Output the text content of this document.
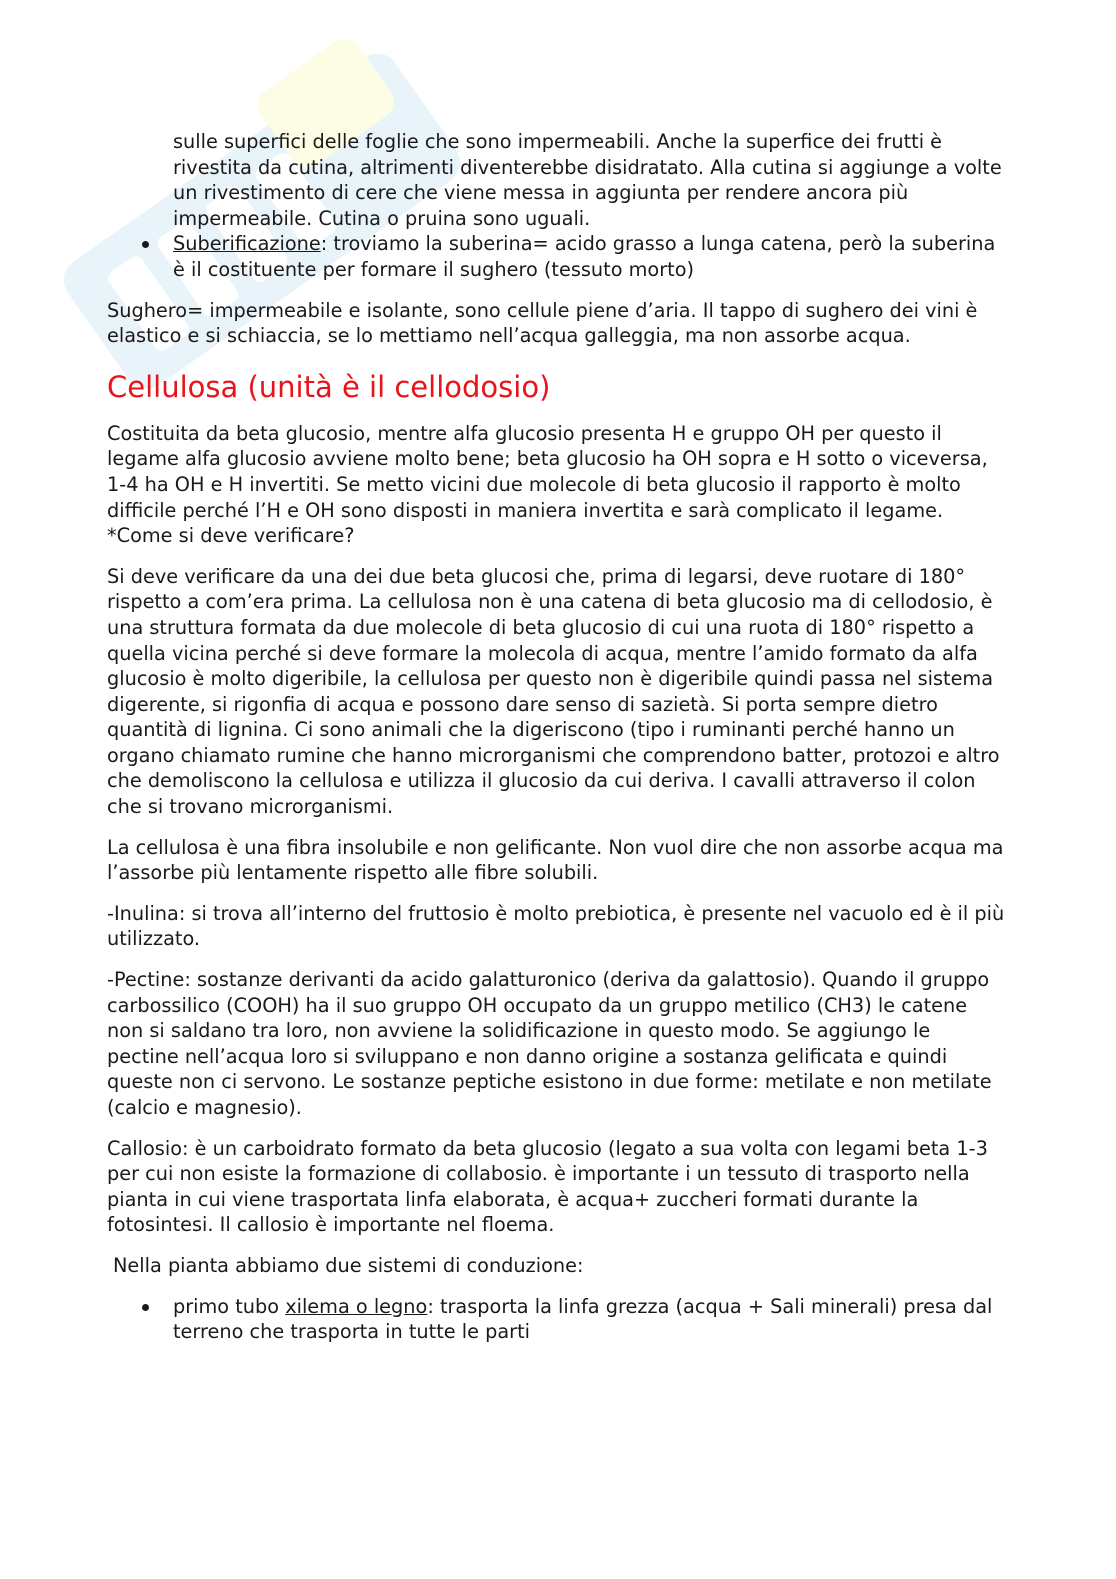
sulle superfici delle foglie che sono impermeabili. Anche la superfice dei frutti è rivestita da cutina, altrimenti diventerebbe disidratato. Alla cutina si aggiunge a volte un rivestimento di cere che viene messa in aggiunta per rendere ancora più impermeabile. Cutina o pruina sono uguali.
Suberificazione: troviamo la suberina= acido grasso a lunga catena, però la suberina è il costituente per formare il sughero (tessuto morto)

Sughero= impermeabile e isolante, sono cellule piene d’aria. Il tappo di sughero dei vini è elastico e si schiaccia, se lo mettiamo nell’acqua galleggia, ma non assorbe acqua.

Cellulosa (unità è il cellodosio)

Costituita da beta glucosio, mentre alfa glucosio presenta H e gruppo OH per questo il legame alfa glucosio avviene molto bene; beta glucosio ha OH sopra e H sotto o viceversa, 1-4 ha OH e H invertiti. Se metto vicini due molecole di beta glucosio il rapporto è molto difficile perché l’H e OH sono disposti in maniera invertita e sarà complicato il legame. *Come si deve verificare?

Si deve verificare da una dei due beta glucosi che, prima di legarsi, deve ruotare di 180° rispetto a com’era prima. La cellulosa non è una catena di beta glucosio ma di cellodosio, è una struttura formata da due molecole di beta glucosio di cui una ruota di 180° rispetto a quella vicina perché si deve formare la molecola di acqua, mentre l’amido formato da alfa glucosio è molto digeribile, la cellulosa per questo non è digeribile quindi passa nel sistema digerente, si rigonfia di acqua e possono dare senso di sazietà. Si porta sempre dietro quantità di lignina. Ci sono animali che la digeriscono (tipo i ruminanti perché hanno un organo chiamato rumine che hanno microrganismi che comprendono batter, protozoi e altro che demoliscono la cellulosa e utilizza il glucosio da cui deriva. I cavalli attraverso il colon che si trovano microrganismi.

La cellulosa è una fibra insolubile e non gelificante. Non vuol dire che non assorbe acqua ma l’assorbe più lentamente rispetto alle fibre solubili.

-Inulina: si trova all’interno del fruttosio è molto prebiotica, è presente nel vacuolo ed è il più utilizzato.

-Pectine: sostanze derivanti da acido galatturonico (deriva da galattosio). Quando il gruppo carbossilico (COOH) ha il suo gruppo OH occupato da un gruppo metilico (CH3) le catene non si saldano tra loro, non avviene la solidificazione in questo modo. Se aggiungo le pectine nell’acqua loro si sviluppano e non danno origine a sostanza gelificata e quindi queste non ci servono. Le sostanze peptiche esistono in due forme: metilate e non metilate (calcio e magnesio).

Callosio: è un carboidrato formato da beta glucosio (legato a sua volta con legami beta 1-3 per cui non esiste la formazione di collabosio. è importante i un tessuto di trasporto nella pianta in cui viene trasportata linfa elaborata, è acqua+ zuccheri formati durante la fotosintesi. Il callosio è importante nel floema.

Nella pianta abbiamo due sistemi di conduzione:

primo tubo xilema o legno: trasporta la linfa grezza (acqua + Sali minerali) presa dal terreno che trasporta in tutte le parti
